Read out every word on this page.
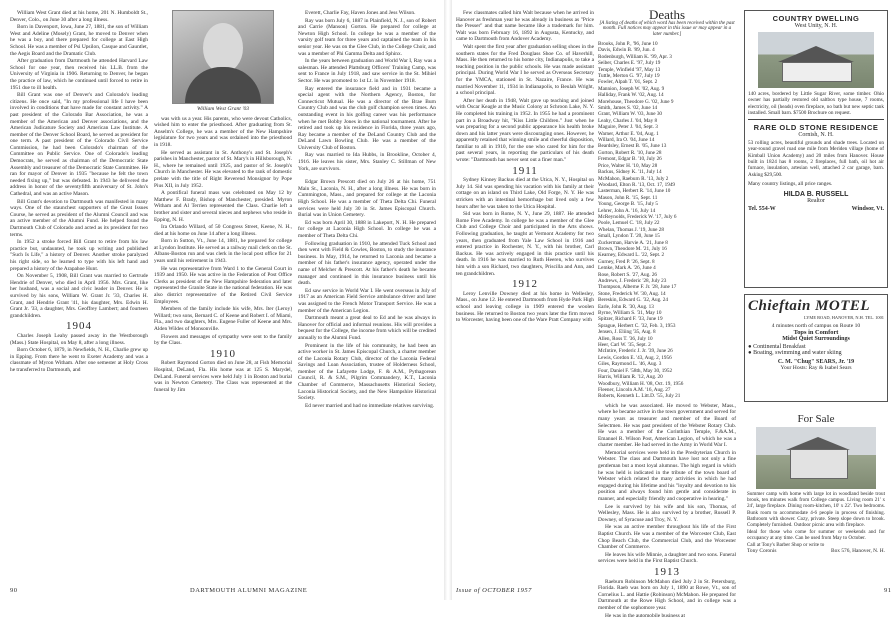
William West Grant died at his home, 201 N. Humboldt St., Denver, Colo., on June 30 after a long illness.

Born in Davenport, Iowa, June 27, 1881, the son of William West and Adeline (Mosely) Grant, he moved to Denver when he was a boy, and there prepared for college at East High School. He was a member of Psi Upsilon, Casque and Gauntlet, the Aegis Board and the Dramatic Club.

After graduation from Dartmouth he attended Harvard Law School for one year, then received his LL.B. from the University of Virginia in 1906. Returning to Denver, he began the practice of law, which he continued until forced to retire in 1951 due to ill health.

Bill Grant was one of Denver's and Colorado's leading citizens. He once said, "In my professional life I have been involved in conditions that have made for constant activity." A past president of the Colorado Bar Association, he was a member of the American and Denver associations, and the American Judicature Society and American Law Institute. A member of the Denver School Board, he served as president for one term. A past president of the Colorado Civil Service Commission, he had been Colorado's chairman of the Committee on Public Service. One of Colorado's leading Democrats, he served as chairman of the Democratic State Assembly and treasurer of the Democratic State Committee. He ran for mayor of Denver in 1935 "because he felt the town needed fixing up," but was defeated. In 1943 he delivered the address in honor of the seventyfifth anniversary of St. John's Cathedral, and was an active Mason.

Bill Grant's devotion to Dartmouth was manifested in many ways. One of the staunchest supporters of the Great Issues Course, he served as president of the Alumni Council and was an active member of the Alumni Fund. He helped found the Dartmouth Club of Colorado and acted as its president for two terms.

In 1952 a stroke forced Bill Grant to retire from his law practice but, undaunted, he took up writing and published "Such Is Life," a history of Denver. Another stroke paralyzed his right side, so he learned to type with his left hand and prepared a history of the Arapahoe Hunt.

On November 5, 1908, Bill Grant was married to Gertrude Hendrie of Denver, who died in April 1956. Mrs. Grant, like her husband, was a social and civic leader in Denver. He is survived by his sons, William W. Grant Jr. '33, Charles H. Grant, and Hendrie Grant '41, his daughter, Mrs. Edwin H. Grant Jr. '33, a daughter, Mrs. Geoffrey Lambert; and fourteen grandchildren.

1904

Charles Joseph Leahy passed away in the Westborough (Mass.) State Hospital, on May 8, after a long illness.

Born October 6, 1879, in Newfields, N. H., Charlie grew up in Epping. From there he went to Exeter Academy and was a classmate of Myron Witham. After one semester at Holy Cross he transferred to Dartmouth, and

William West Grant '03

was with us a year. His parents, who were devout Catholics, wished him to enter the priesthood. After graduating from St. Anselm's College, he was a member of the New Hampshire legislature for two years and was ordained into the priesthood in 1918.

He served as assistant in St. Anthony's and St. Joseph's parishes in Manchester, pastor of St. Mary's in Hillsborough, N. H., where he remained until 1925, and pastor of St. Joseph's Church in Manchester. He was elevated to the rank of domestic prelate with the title of Right Reverend Monsignor by Pope Pius XII, in July 1952.

A pontifical funeral mass was celebrated on May 12 by Matthew F. Brady, Bishop of Manchester, presided. Myron Witham and Al Terrien represented the Class. Charlie left a brother and sister and several nieces and nephews who reside in Epping, N. H.

Ira Orlando Willard, of 50 Congress Street, Keene, N. H., died at his home on June 14 after a long illness.

Born in Sutton, Vt., June 14, 1881, he prepared for college at Lyndon Institute. He served as a railway mail clerk on the St. Albans-Boston run and was clerk in the local post office for 21 years until his retirement in 1943.

He was representative from Ward 1 to the General Court in 1939 and 1950. He was active in the Federation of Post Office Clerks as president of the New Hampshire federation and later represented the Granite State in the national federation. He was also district representative of the Retired Civil Service Employees.

Members of the family include his wife, Mrs. Iter (Leroy) Willard; two sons, Bernard C. of Keene and Robert I. of Miami, Fla., and two daughters, Mrs. Eugene Fuller of Keene and Mrs. Alden Wildes of Monsonville.

Flowers and messages of sympathy were sent to the family by the Class.

1910

Robert Raymond Gorton died on June 28, at Fish Memorial Hospital, DeLand, Fla. His home was at 125 S. Marydel, DeLand. Funeral services were held July 1 in Boston and burial was in Newton Cemetery. The Class was represented at the funeral by Jim

Everett, Charlie Fay, Haven Jones and Jess Wilson.

Ray was born July 6, 1887 in Plainfield, N. J., son of Robert and Carrie (Manson) Gorton. He prepared for college at Newton High School. In college he was a member of the varsity golf team for three years and captained the team in his senior year. He was on the Glee Club, in the College Choir, and was a member of Phi Gamma Delta and Sphinx.

In the years between graduation and World War I, Ray was a salesman. He attended Plattsburg Officers' Training Camp, was sent to France in July 1918, and saw service in the St. Mihiel Sector. He was promoted to 1st Lt. in November 1918.

Ray entered the insurance field and in 1931 became a special agent with the Northern Agency, Boston, for Connecticut Mutual. He was a director of the Brae Burn Country Club and was the club golf champion seven times. An outstanding event in his golfing career was his performance when he met Bobby Jones in the national tournament. After he retired and took up his residence in Florida, three years ago, Ray became a member of the DeLand Country Club and the DeLand Lawn Bowling Club. He was a member of the University Club of Boston.

Ray was married to Ida Hubbs, in Brookline, October 4, 1916. He leaves his sister, Mrs. Stanley C. Stillman of New York, are survivors.

Edgar Brown Prescott died on July 26 at his home, 751 Main St., Laconia, N. H., after a long illness. He was born in Cummington, Mass., and prepared for college at the Laconia High School. He was a member of Theta Delta Chi. Funeral services were held July 30 in St. James Episcopal Church. Burial was in Union Cemetery.

Ed was born April 30, 1888 in Lakeport, N. H. He prepared for college at Laconia High School. In college he was a member of Theta Delta Chi.

Following graduation in 1910, he attended Tuck School and then went with Field & Cowles, Boston, to study the insurance business. In May, 1914, he returned to Laconia and became a member of his father's insurance agency, operated under the name of Melcher & Prescott. At his father's death he became manager and continued in this insurance business until his death.

Ed saw service in World War I. He went overseas in July of 1917 as an American Field Service ambulance driver and later was assigned to the French Motor Transport Service. He was a member of the American Legion.

Dartmouth meant a great deal to Ed and he was always in Hanover for official and informal reunions. His will provides a bequest for the College, the income from which will be credited annually to the Alumni Fund.

Prominent in the life of his community, he had been an active worker in St. James Episcopal Church, a charter member of the Laconia Rotary Club, director of the Laconia Federal Savings and Loan Association, trustee of Holderness School, member of the Lafayette Lodge, F. & A.M., Pythagorean Council, R. & S.M., Pilgrim Commandery, K.T., Laconia Chamber of Commerce, Massachusetts Historical Society, Laconia Historical Society, and the New Hampshire Historical Society.

Ed never married and had no immediate relatives surviving.

90	DARTMOUTH ALUMNI MAGAZINE

Few classmates called him Walt because when he arrived in Hanover as freshman year he was already in business as "Price the Presser" and that name became like a trademark for him. Walt was born February 16, 1892 in Augusta, Kentucky, and came to Dartmouth from Andover Academy.

Walt spent the first year after graduation selling shoes in the southern states for the Fred Douglass Shoe Co. of Haverhill, Mass. He then returned to his home city, Indianapolis, to take a teaching position in the public schools. He was made assistant principal. During World War I he served as Overseas Secretary for the YMCA, stationed in St. Nazaire, France. He was married November 11, 1934 in Indianapolis, to Beulah Wright, a school principal.

After her death in 1948, Walt gave up teaching and joined with Oscar Keagle at the Music Colony at Schroon Lake, N. Y. He completed his training in 1952. In 1955 he had a prominent part in a Broadway hit, "Kiss Little Children." Just when he was preparing for a second public appearance his health broke down and his latter years were discouraging ones. However, he apparently retained that winning smile and cheerful disposition, familiar to all in 1910, for the one who cared for him for the past several years, in reporting the particulars of his death wrote: "Dartmouth has never sent out a finer man."

1911

Sydney Kinney Backus died at the Utica, N. Y., Hospital on July 14. Sid was spending his vacation with his family at their cottage on an island on Third Lake, Old Forge, N. Y. He was stricken with an intestinal hemorrhage but lived only a few hours after he was taken to the Utica Hospital.

Sid was born in Rome, N. Y., June 29, 1887. He attended Rome Free Academy. In college he was a member of the Glee Club and College Choir and participated in the Arts shows. Following graduation, he taught at Vermont Academy for two years, then graduated from Yale Law School in 1916 and entered practice in Rochester, N. Y., with his brother, Carl Backus. He was actively engaged in this practice until his death. In 1916 he was married to Ruth Heeren, who survives him with a son Richard, two daughters, Priscilla and Ann, and ten grandchildren.

1912

Leroy Lenville Downey died at his home in Wellesley, Mass., on June 12. He entered Dartmouth from Hyde Park High school and leaving college in 1909 entered the woolen business. He returned to Boston two years later the firm moved to Worcester, having been one of the Ware Pratt Company with

Deaths
[A listing of deaths of which word has been received within the past month. Full notices may appear in this issue or may appear in a later number.]
Brooks, John P., '96, June 10
Davis, Edwin B. '89, Jun. 4
Rodenburgh, William K. '99, Apr. 3
Seiber, Charles E. '97, July 19
Temple, Winfield '97, May 13
Tuttle, Merton G. '97, July 19
Fowler, Alpah T. '01, Sept. 2
Mannion, Joseph W. '02, Aug. 9
Halliday, Frank W. '02, Aug. 14
Morehouse, Theodore G. '02, June 9
Smith, James S. '02, June 14
Grant, William W. '03, June 30
Leahy, Charles J. '04, May 8
Maguire, Peter J. '04, Sept. 3
Warner, Arthur E. '04, Aug. 1
Willard, Ira O. '04, June 14
Beardsley, Ernest B. '05, June 13
Gorton, Robert R. '10, June 28
Fremont, Edgar B. '10, July 26
Price, Walter H. '10, May 28
Backus, Sidney K. '11, July 14
McMahon, Raeburn R. '13, July 2
Woodard, Elton R. '13, Oct. 17, 1949
Lasterman, Herbert R. '14, June 10
Mason, John R. '15, Sept. 11
Young, George B. '15, July 5
Lehrer, John A. '16, July 14
McReynolds, Frederick W. '17, July 6
Poole, Lemuel C. '18, July 22
Whelan, Thomas J. '19, June 28
Small, Lyndon T. '20, June 15
Zuckerman, Harvie A. '21, June 8
Brown, Theodore M. '21, July 16
Kearney, Edward L. '22, Sept. 2
Gurney, Fred P. '26, Sept. 8
Lemke, Mark A. '26, June 4
Rose, Robert S. '27, Aug. 26
Andrews, J. Frederic '28, July 23
Thompson, Alberne F. Jr. '28, June 17
Stone, Frederick W. '30, Aug. 14
Bereskin, Edward G. '32, Aug. 24
Earle, John R. '30, Aug. 13
Byrne, William S. '31, May 10
Spitzer, Richard F. '33, June 19
Sprague, Herbert C. '32, Feb. 3, 1953
Jensen, J. Eliing '35, Aug. 8
Allen, Ross T. '36, July 10
Heer, Carl W. '35, Sept. 2
McIntire, Frederic J. Jr. '39, June 26
Lewis, Gordon E. '43, Aug. 2, 1956
Giles, Raymond L. '46, Aug. 3
Four, Daniel F. '58th, May 30, 1952
Harris, William R. '12, Aug. 20
Woodbury, William H. '08, Oct. 19, 1956
Fleener, Lincoln A.M. '16, Aug. 27
Roberts, Kenneth L. Litt.D. '55, July 21

which he was associated. He moved to Webster, Mass., where he became active in the town government and served for many years as treasurer and member of the Board of Selectmen. He was past president of the Webster Rotary Club. He was a member of the Corinthian Temple, F.&A.M., Emanuel R. Wilson Post, American Legion, of which he was a charter member. He had served in the Army in World War I.

Memorial services were held in the Presbyterian Church in Webster. The class and Dartmouth have lost not only a fine gentleman but a most loyal alumnus. The high regard in which he was held is indicated in the tribute of the town board of Webster which related the many activities in which he had engaged during his lifetime and his "loyalty and devotion to his position and always found him gentle and considerate in manner, and especially friendly and cooperative in hearing."

Lee is survived by his wife and his son, Thomas, of Wellesley, Mass. He is also survived by a brother, Russell P. Downey, of Syracuse and Troy, N. Y.

He was an active member throughout his life of the First Baptist Church. He was a member of the Worcester Club, East Chop Beach Club, the Commercial Club, and the Worcester Chamber of Commerce.

He leaves his wife Minnie, a daughter and two sons. Funeral services were held in the First Baptist Church.

1913

Raeburn Robinson McMahon died July 2 in St. Petersburg, Florida. Raeb was born on July 1, 1890 at Rowe, Vt., son of Cornelius L. and Hattie (Robinson) McMahon. He prepared for Dartmouth at the Rowe High School, and in college was a member of the sophomore year.

He was in the automobile business at

Issue of OCTOBER 1957	91
COUNTRY DWELLING
West Unity, N. H.
140 acres, bordered by Little Sugar River, some timber. Ohio owner has partially restored old saltbox type house, 7 rooms, electricity, oil (heads) oven fireplace, no bath but new septic tank installed. Small barn. $7500 Brochure on request.
RARE OLD STONE RESIDENCE
Cornish, N. H.
53 rolling acres, beautiful grounds and shade trees. Located on year-round gravel road one mile from Meriden village (home of Kimball Union Academy) and 20 miles from Hanover. House built in 1824 has 8 rooms, 2 fireplaces, full bath, oil hot air furnace, insulation, artesian well, attached 2 car garage, barn. Asking $29,500.
Many country listings, all price ranges.
HILDA B. RUSSELL
Realtor
Tel. 554-W	Windsor, Vt.
Chieftain MOTEL
LYME ROAD, HANOVER, N.H. TEL. 1001
4 minutes north of campus on Route 10
Tops in Comfort
Midst Quiet Surroundings
● Continental Breakfast
● Boating, swimming and water skiing
C. M. "Chug" SEARS, Jr. '19
Your Hosts: Ray & Isabel Sears
For Sale
Summer camp with home with large lot in woodland beside trout brook, ten minutes walk from College campus. Living room 21' x 24', large fireplace. Dining room-kitchen, 10' x 22'. Two bedrooms. Bunk room to accommodate 4-6 people in process of finishing. Bathroom with shower. Cozy, private. Steep slope down to brook. Completely furnished. Outdoor picnic area with fireplace.
Ideal for those who come for summer or weekends and for occupancy at any time. Can be used from May to October.
Call at Tony's Barber Shop or write to
Tony Coronis	Box 576, Hanover, N. H.
